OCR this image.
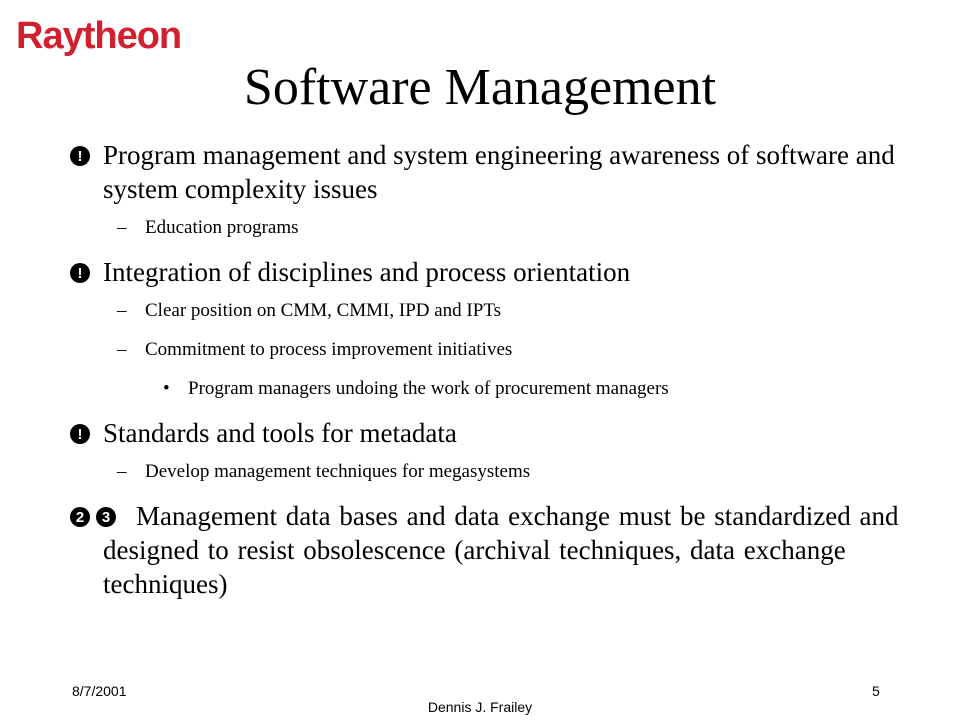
Raytheon
Software Management
! Program management and system engineering awareness of software and system complexity issues
– Education programs
! Integration of disciplines and process orientation
– Clear position on CMM, CMMI, IPD and IPTs
– Commitment to process improvement initiatives
• Program managers undoing the work of procurement managers
! Standards and tools for metadata
– Develop management techniques for megasystems
2	3 Management data bases and data exchange must be standardized and designed to resist obsolescence (archival techniques, data exchange techniques)
8/7/2001
Dennis J. Frailey
5
